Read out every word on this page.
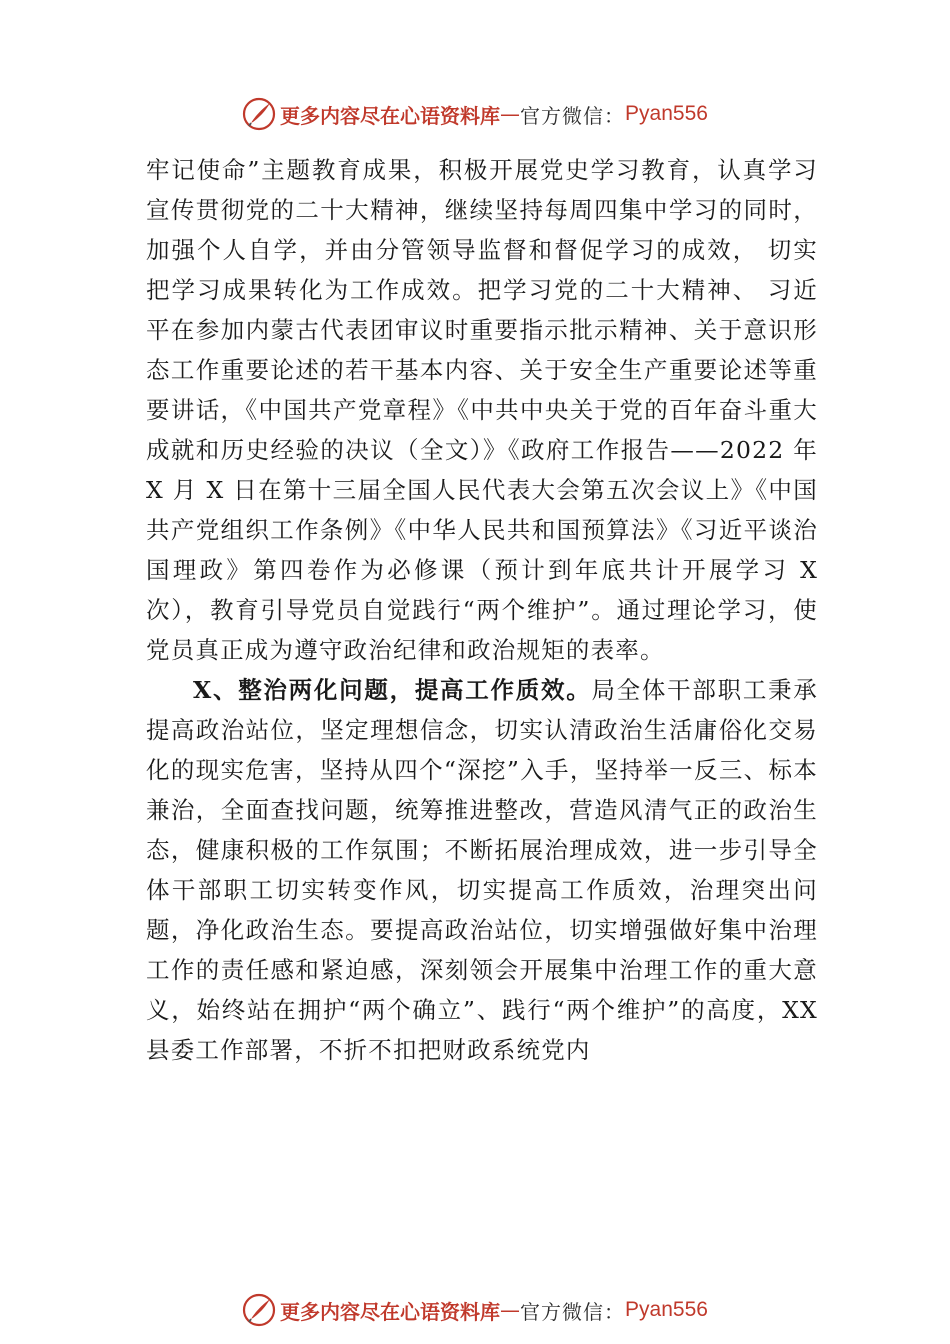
更多内容尽在心语资料库 — 官方微信： Pyan556

牢记使命”主题教育成果，积极开展党史学习教育，认真学习宣传贯彻党的二十大精神，继续坚持每周四集中学习的同时，加强个人自学，并由分管领导监督和督促学习的成效， 切实把学习成果转化为工作成效。把学习党的二十大精神、 习近平在参加内蒙古代表团审议时重要指示批示精神、关于意识形态工作重要论述的若干基本内容、关于安全生产重要论述等重要讲话，《中国共产党章程》《中共中央关于党的百年奋斗重大成就和历史经验的决议（全文）》《政府工作报告——2022 年 X 月 X 日在第十三届全国人民代表大会第五次会议上》《中国共产党组织工作条例》《中华人民共和国预算法》《习近平谈治国理政》第四卷作为必修课（预计到年底共计开展学习 X 次），教育引导党员自觉践行“两个维护”。通过理论学习，使党员真正成为遵守政治纪律和政治规矩的表率。

X、整治两化问题，提高工作质效。局全体干部职工秉承提高政治站位，坚定理想信念，切实认清政治生活庸俗化交易化的现实危害，坚持从四个“深挖”入手，坚持举一反三、标本兼治，全面查找问题，统筹推进整改，营造风清气正的政治生态，健康积极的工作氛围；不断拓展治理成效，进一步引导全体干部职工切实转变作风，切实提高工作质效，治理突出问题，净化政治生态。要提高政治站位，切实增强做好集中治理工作的责任感和紧迫感，深刻领会开展集中治理工作的重大意义，始终站在拥护“两个确立”、践行“两个维护”的高度，XX 县委工作部署，不折不扣把财政系统党内

更多内容尽在心语资料库 — 官方微信： Pyan556
